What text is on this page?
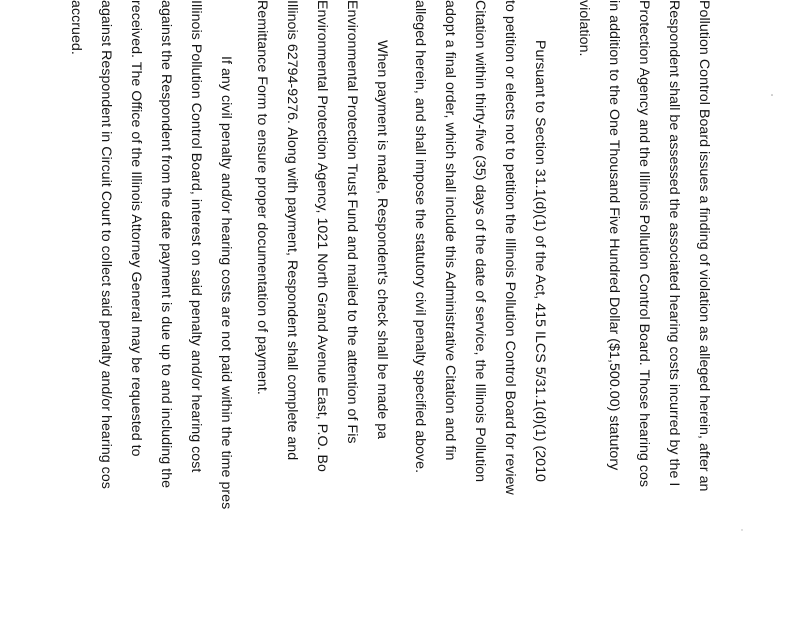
Pollution Control Board issues a finding of violation as alleged herein, after an
Respondent shall be assessed the associated hearing costs incurred by the I
Protection Agency and the Illinois Pollution Control Board. Those hearing cos
in addition to the One Thousand Five Hundred Dollar ($1,500.00) statutory
violation.
Pursuant to Section 31.1(d)(1) of the Act, 415 ILCS 5/31.1(d)(1) (2010
to petition or elects not to petition the Illinois Pollution Control Board for review
Citation within thirty-five (35) days of the date of service, the Illinois Pollution
adopt a final order, which shall include this Administrative Citation and fin
alleged herein, and shall impose the statutory civil penalty specified above.
When payment is made, Respondent's check shall be made pa
Environmental Protection Trust Fund and mailed to the attention of Fis
Environmental Protection Agency, 1021 North Grand Avenue East, P.O. Bo
Illinois 62794-9276. Along with payment, Respondent shall complete and
Remittance Form to ensure proper documentation of payment.
If any civil penalty and/or hearing costs are not paid within the time pres
Illinois Pollution Control Board, interest on said penalty and/or hearing cost
against the Respondent from the date payment is due up to and including the
received. The Office of the Illinois Attorney General may be requested to
against Respondent in Circuit Court to collect said penalty and/or hearing cos
accrued.
